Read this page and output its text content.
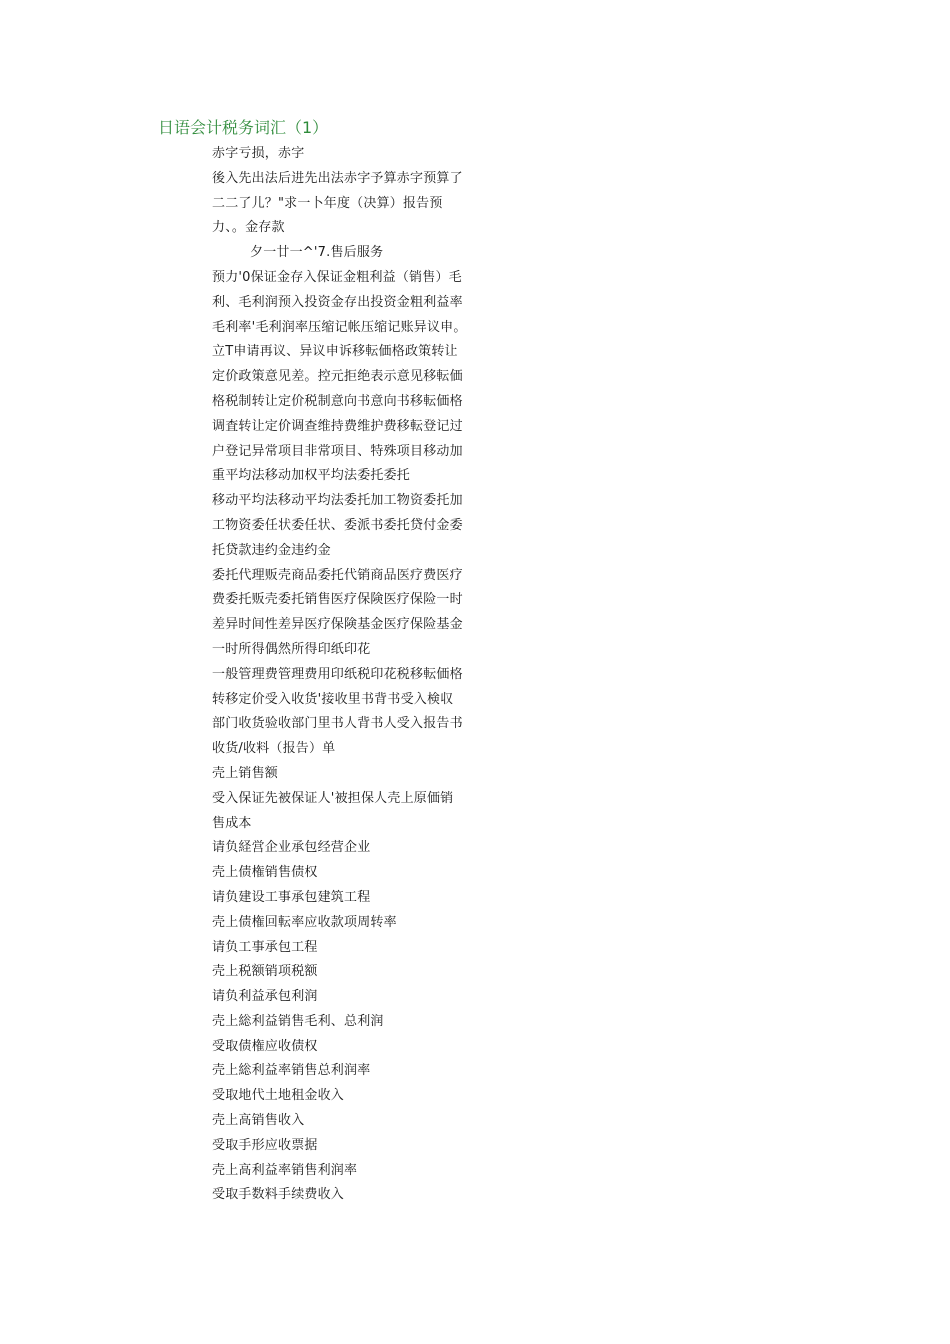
日语会计税务词汇（1）
赤字亏损，赤字
後入先出法后进先出法赤字予算赤字预算了
二二了儿？"求一卜年度（决算）报告预
力、。金存款
夕一廿一^'7.售后服务
预力'0保证金存入保证金粗利益（销售）毛
利、毛利润预入投资金存出投资金粗利益率
毛利率'毛利润率压缩记帐压缩记账异议申。
立T申请再议、异议申诉移転価格政策转让
定价政策意见差。控元拒绝表示意见移転価
格税制转让定价税制意向书意向书移転価格
调査转让定价调查维持费维护费移転登记过
户登记异常项目非常项目、特殊项目移动加
重平均法移动加权平均法委托委托
移动平均法移动平均法委托加工物资委托加
工物资委任状委任状、委派书委托贷付金委
托贷款违约金违约金
委托代理贩壳商品委托代销商品医疗费医疗
费委托贩壳委托销售医疗保険医疗保险一时
差异时间性差异医疗保険基金医疗保险基金
一时所得偶然所得印纸印花
一般管理费管理费用印纸税印花税移転価格
转移定价受入收货'接收里书背书受入検収
部门收货验收部门里书人背书人受入报告书
收货/收料（报告）单
壳上销售额
受入保证先被保证人'被担保人壳上原価销
售成本
请负経営企业承包经营企业
壳上债権销售债权
请负建设工事承包建筑工程
壳上债権回転率应收款项周转率
请负工事承包工程
壳上税额销项税额
请负利益承包利润
壳上総利益销售毛利、总利润
受取债権应收债权
壳上総利益率销售总利润率
受取地代土地租金收入
壳上高销售收入
受取手形应收票据
壳上高利益率销售利润率
受取手数料手续费收入
